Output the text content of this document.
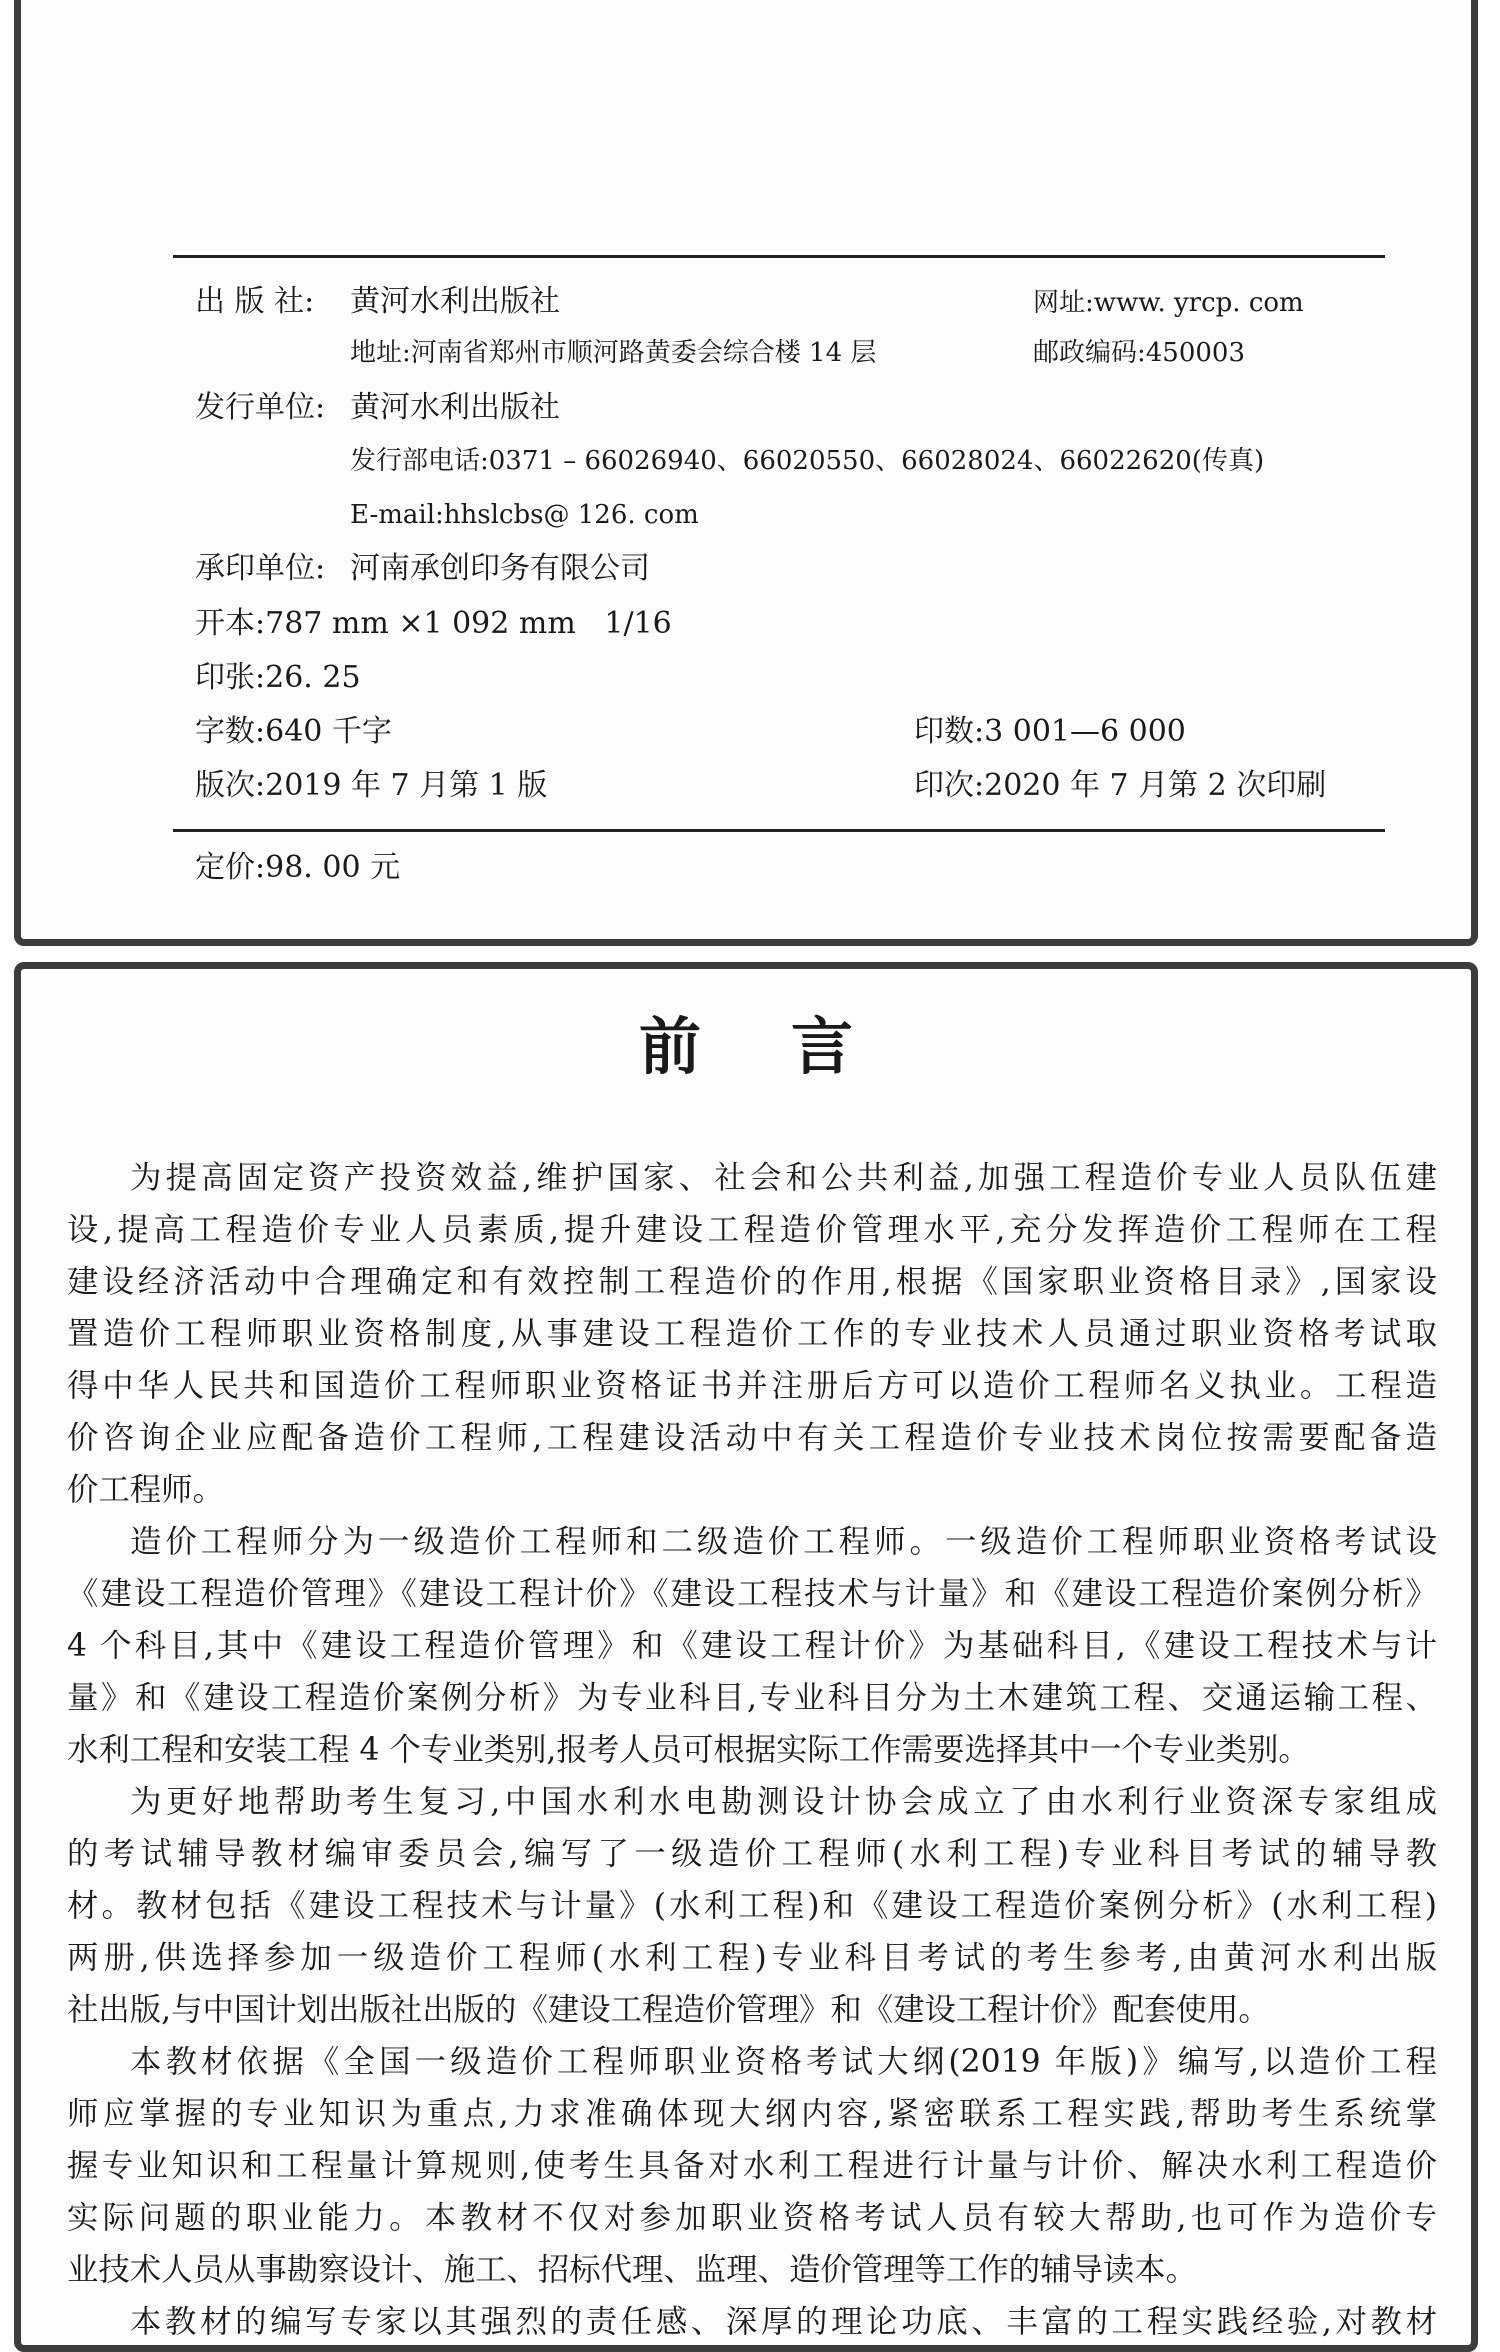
出 版 社: 黄河水利出版社	网址:www. yrcp. com
地址:河南省郑州市顺河路黄委会综合楼 14 层	邮政编码:450003
发行单位: 黄河水利出版社
发行部电话:0371 – 66026940、66020550、66028024、66022620(传真)
E-mail:hhslcbs@ 126. com
承印单位: 河南承创印务有限公司
开本:787 mm ×1 092 mm   1/16
印张:26. 25
字数:640 千字	印数:3 001—6 000
版次:2019 年 7 月第 1 版	印次:2020 年 7 月第 2 次印刷
定价:98. 00 元
前言

为提高固定资产投资效益,维护国家、社会和公共利益,加强工程造价专业人员队伍建

设,提高工程造价专业人员素质,提升建设工程造价管理水平,充分发挥造价工程师在工程

建设经济活动中合理确定和有效控制工程造价的作用,根据《国家职业资格目录》,国家设

置造价工程师职业资格制度,从事建设工程造价工作的专业技术人员通过职业资格考试取

得中华人民共和国造价工程师职业资格证书并注册后方可以造价工程师名义执业。工程造

价咨询企业应配备造价工程师,工程建设活动中有关工程造价专业技术岗位按需要配备造

价工程师。

造价工程师分为一级造价工程师和二级造价工程师。一级造价工程师职业资格考试设

《建设工程造价管理》《建设工程计价》《建设工程技术与计量》和《建设工程造价案例分析》

4 个科目,其中《建设工程造价管理》和《建设工程计价》为基础科目,《建设工程技术与计

量》和《建设工程造价案例分析》为专业科目,专业科目分为土木建筑工程、交通运输工程、

水利工程和安装工程 4 个专业类别,报考人员可根据实际工作需要选择其中一个专业类别。

为更好地帮助考生复习,中国水利水电勘测设计协会成立了由水利行业资深专家组成

的考试辅导教材编审委员会,编写了一级造价工程师(水利工程)专业科目考试的辅导教

材。教材包括《建设工程技术与计量》(水利工程)和《建设工程造价案例分析》(水利工程)

两册,供选择参加一级造价工程师(水利工程)专业科目考试的考生参考,由黄河水利出版

社出版,与中国计划出版社出版的《建设工程造价管理》和《建设工程计价》配套使用。

本教材依据《全国一级造价工程师职业资格考试大纲(2019 年版)》编写,以造价工程

师应掌握的专业知识为重点,力求准确体现大纲内容,紧密联系工程实践,帮助考生系统掌

握专业知识和工程量计算规则,使考生具备对水利工程进行计量与计价、解决水利工程造价

实际问题的职业能力。本教材不仅对参加职业资格考试人员有较大帮助,也可作为造价专

业技术人员从事勘察设计、施工、招标代理、监理、造价管理等工作的辅导读本。

本教材的编写专家以其强烈的责任感、深厚的理论功底、丰富的工程实践经验,对教材
